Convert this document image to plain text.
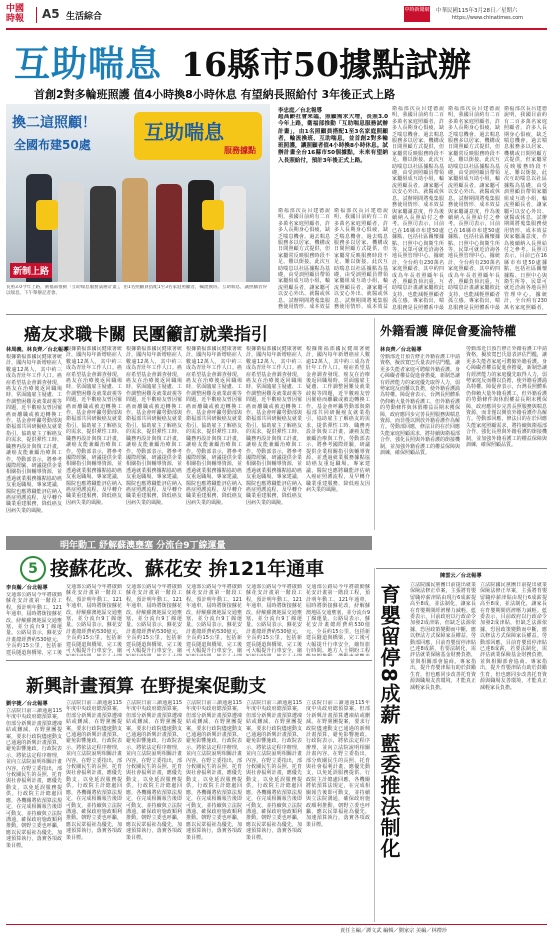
中國
時報	A5 生活綜合
中時新聞網 中華民國115年3月28日／星期六
https://www.chinatimes.com
互助喘息 16縣市50據點試辦
首創2對多輪班照護 值4小時換8小時休息 有望納長照給付 3年後正式上路
換二這照顧！
全國布建50處
互助喘息
服務據點
新制上路
長照3.0今年上路，衛福部推動「互助喘息服務試辦計畫」，由1名照顧員搭配1至3名家庭照顧者，輪流換班、互助喘息，讓照顧者得以喘息。下午舉辦記者會。
李忠庭／台北報導
超高齡社會來臨，照顧需求大增，長照3.0今年上路，衛福部推動「互助喘息服務試辦計畫」，由1名照顧員搭配1至3名家庭照顧者，輪流換班、互助喘息，並首創2對多輪班照護，讓照顧者值4小時換8小時休息。試辦計畫全台16縣市50個據點，未來有望納入長照給付，預計3年後正式上路。
衛福部次長呂建德說明，我國目前約有二百多萬名家庭照顧者，許多人長期身心俱疲，缺乏喘息機會。過去喘息服務多以居家、機構或日間照顧方式提供，但家屬常反映服務時段不足、難以銜接。此次互助喘息以社區據點為基礎，由受訓照顧員帶領家屬組成互助小組，輪流照顧長者，讓家屬可以安心外出、就醫或休息。試辦期間將蒐集服務使用情形、成本效益
衛福部次長呂建德說明，我國目前約有二百多萬名家庭照顧者，許多人長期身心俱疲，缺乏喘息機會。過去喘息服務多以居家、機構或日間照顧方式提供，但家屬常反映服務時段不足、難以銜接。此次互助喘息以社區據點為基礎，由受訓照顧員帶領家屬組成互助小組，輪流照顧長者，讓家屬可以安心外出、就醫或休息。試辦期間將蒐集服務使用情形、成本效益
衛福部次長呂建德說明，我國目前約有二百多萬名家庭照顧者，許多人長期身心俱疲，缺乏喘息機會。過去喘息服務多以居家、機構或日間照顧方式提供，但家屬常反映服務時段不足、難以銜接。此次互助喘息以社區據點為基礎，由受訓照顧員帶領家屬組成互助小組，輪流照顧長者，讓家屬可以安心外出、就醫或休息。試辦期間將蒐集服務使用情形、成本效益與家屬滿意度，作為後續納入長照給付之參考。長照司表示，目前已在16縣市布建50處據點，包括社區關懷據點、日照中心與衛生所等，民眾可就近洽詢各地長照管理中心。據統計，全台約有230萬名家庭照顧者，其中約四成為年長者照顧年長者，照顧負荷沉重。互助喘息計畫讓家屬彼此支持，也能減輕照顧者孤立感。專家指出，喘息服務是長照體系中最
衛福部次長呂建德說明，我國目前約有二百多萬名家庭照顧者，許多人長期身心俱疲，缺乏喘息機會。過去喘息服務多以居家、機構或日間照顧方式提供，但家屬常反映服務時段不足、難以銜接。此次互助喘息以社區據點為基礎，由受訓照顧員帶領家屬組成互助小組，輪流照顧長者，讓家屬可以安心外出、就醫或休息。試辦期間將蒐集服務使用情形、成本效益與家屬滿意度，作為後續納入長照給付之參考。長照司表示，目前已在16縣市布建50處據點，包括社區關懷據點、日照中心與衛生所等，民眾可就近洽詢各地長照管理中心。據統計，全台約有230萬名家庭照顧者，其中約四成為年長者照顧年長者，照顧負荷沉重。互助喘息計畫讓家屬彼此支持，也能減輕照顧者孤立感。專家指出，喘息服務是長照體系中最
衛福部次長呂建德說明，我國目前約有二百多萬名家庭照顧者，許多人長期身心俱疲，缺乏喘息機會。過去喘息服務多以居家、機構或日間照顧方式提供，但家屬常反映服務時段不足、難以銜接。此次互助喘息以社區據點為基礎，由受訓照顧員帶領家屬組成互助小組，輪流照顧長者，讓家屬可以安心外出、就醫或休息。試辦期間將蒐集服務使用情形、成本效益與家屬滿意度，作為後續納入長照給付之參考。長照司表示，目前已在16縣市布建50處據點，包括社區關懷據點、日照中心與衛生所等，民眾可就近洽詢各地長照管理中心。據統計，全台約有230萬名家庭照顧者，
癌友求職卡關 民團籲訂就業指引
林周義、林良齊／台北報導
根據衛福部國民健康署統計，國內每年新增癌症人數逾12萬人，其中約三成為青壯年工作人口。癌症希望基金會調查發現，癌友在治療後返回職場時，常面臨雇主疑慮、工作調整困難及就業歧視等問題，近半數癌友曾因罹癌而離職或被迫轉換工作。基金會呼籲勞動部與衛福部共同研擬癌友就業指引，協助雇主了解癌友的需求，提供彈性工時、職務再設計與復工計畫，讓癌友能兼顧治療與工作。勞動部表示，將參考國際經驗，研議提供企業相關指引與輔導資源，並透過就業服務據點協助癌友重返職場。專家建議，醫院也應將職能評估納入癌症照護流程，及早轉介職業重建服務，降低癌友因病失業的風險。
根據衛福部國民健康署統計，國內每年新增癌症人數逾12萬人，其中約三成為青壯年工作人口。癌症希望基金會調查發現，癌友在治療後返回職場時，常面臨雇主疑慮、工作調整困難及就業歧視等問題，近半數癌友曾因罹癌而離職或被迫轉換工作。基金會呼籲勞動部與衛福部共同研擬癌友就業指引，協助雇主了解癌友的需求，提供彈性工時、職務再設計與復工計畫，讓癌友能兼顧治療與工作。勞動部表示，將參考國際經驗，研議提供企業相關指引與輔導資源，並透過就業服務據點協助癌友重返職場。專家建議，醫院也應將職能評估納入癌症照護流程，及早轉介職業重建服務，降低癌友因病失業的風險。
根據衛福部國民健康署統計，國內每年新增癌症人數逾12萬人，其中約三成為青壯年工作人口。癌症希望基金會調查發現，癌友在治療後返回職場時，常面臨雇主疑慮、工作調整困難及就業歧視等問題，近半數癌友曾因罹癌而離職或被迫轉換工作。基金會呼籲勞動部與衛福部共同研擬癌友就業指引，協助雇主了解癌友的需求，提供彈性工時、職務再設計與復工計畫，讓癌友能兼顧治療與工作。勞動部表示，將參考國際經驗，研議提供企業相關指引與輔導資源，並透過就業服務據點協助癌友重返職場。專家建議，醫院也應將職能評估納入癌症照護流程，及早轉介職業重建服務，降低癌友因病失業的風險。
根據衛福部國民健康署統計，國內每年新增癌症人數逾12萬人，其中約三成為青壯年工作人口。癌症希望基金會調查發現，癌友在治療後返回職場時，常面臨雇主疑慮、工作調整困難及就業歧視等問題，近半數癌友曾因罹癌而離職或被迫轉換工作。基金會呼籲勞動部與衛福部共同研擬癌友就業指引，協助雇主了解癌友的需求，提供彈性工時、職務再設計與復工計畫，讓癌友能兼顧治療與工作。勞動部表示，將參考國際經驗，研議提供企業相關指引與輔導資源，並透過就業服務據點協助癌友重返職場。專家建議，醫院也應將職能評估納入癌症照護流程，及早轉介職業重建服務，降低癌友因病失業的風險。
根據衛福部國民健康署統計，國內每年新增癌症人數逾12萬人，其中約三成為青壯年工作人口。癌症希望基金會調查發現，癌友在治療後返回職場時，常面臨雇主疑慮、工作調整困難及就業歧視等問題，近半數癌友曾因罹癌而離職或被迫轉換工作。基金會呼籲勞動部與衛福部共同研擬癌友就業指引，協助雇主了解癌友的需求，提供彈性工時、職務再設計與復工計畫，讓癌友能兼顧治療與工作。勞動部表示，將參考國際經驗，研議提供企業相關指引與輔導資源，並透過就業服務據點協助癌友重返職場。專家建議，醫院也應將職能評估納入癌症照護流程，及早轉介職業重建服務，降低癌友因病失業的風險。
根據衛福部國民健康署統計，國內每年新增癌症人數逾12萬人，其中約三成為青壯年工作人口。癌症希望基金會調查發現，癌友在治療後返回職場時，常面臨雇主疑慮、工作調整困難及就業歧視等問題，近半數癌友曾因罹癌而離職或被迫轉換工作。基金會呼籲勞動部與衛福部共同研擬癌友就業指引，協助雇主了解癌友的需求，提供彈性工時、職務再設計與復工計畫，讓癌友能兼顧治療與工作。勞動部表示，將參考國際經驗，研議提供企業相關指引與輔導資源，並透過就業服務據點協助癌友重返職場。專家建議，醫院也應將職能評估納入癌症照護流程，及早轉介職業重建服務，降低癌友因病失業的風險。
外籍看護 障促會憂淪特權
林良齊／台北報導
勞動部近日預告修正外籍看護工申請資格，擬放寬巴氏量表評估門檻，讓更多失能者家庭可聘僱外籍看護。身心障礙者權益促進會擔憂，新制恐讓有經濟能力的家庭優先取得人力，弱勢家庭反而難以負擔，使外籍看護淪為特權。障促會表示，台灣長照體系仍仰賴大量外籍看護工，但外籍看護的勞動條件與休假權益長期未獲保障，政府應同步完善長照服務與喘息資源，而非僅以開放外籍看護作為解方。勞動部回應，修法目的在於回應失能家庭照顧需求，將持續與衛福部合作，強化長照與外籍看護的銜接機制，並加強外籍看護工的權益保障與訓練，確保照顧品質。
勞動部近日預告修正外籍看護工申請資格，擬放寬巴氏量表評估門檻，讓更多失能者家庭可聘僱外籍看護。身心障礙者權益促進會擔憂，新制恐讓有經濟能力的家庭優先取得人力，弱勢家庭反而難以負擔，使外籍看護淪為特權。障促會表示，台灣長照體系仍仰賴大量外籍看護工，但外籍看護的勞動條件與休假權益長期未獲保障，政府應同步完善長照服務與喘息資源，而非僅以開放外籍看護作為解方。勞動部回應，修法目的在於回應失能家庭照顧需求，將持續與衛福部合作，強化長照與外籍看護的銜接機制，並加強外籍看護工的權益保障與訓練，確保照顧品質。
明年動工 紓解蘇澳壅塞 分流台9丁線運量
5 接蘇花改、蘇花安 拚121年通車
李良瀚／台北報導
交通部公路局今年將啟動蘇花安計畫第一階段工程，預計明年動工、121年通車，屆時將銜接蘇花改，紓解蘇澳地區交通壅塞，並分流台9丁線運量。公路局表示，蘇花安計畫總經費約530億元，全長約15公里，包括新建長隧道與橋梁，完工後
交通部公路局今年將啟動蘇花安計畫第一階段工程，預計明年動工、121年通車，屆時將銜接蘇花改，紓解蘇澳地區交通壅塞，並分流台9丁線運量。公路局表示，蘇花安計畫總經費約530億元，全長約15公里，包括新建長隧道與橋梁，完工後可大幅提升行車安全，縮
交通部公路局今年將啟動蘇花安計畫第一階段工程，預計明年動工、121年通車，屆時將銜接蘇花改，紓解蘇澳地區交通壅塞，並分流台9丁線運量。公路局表示，蘇花安計畫總經費約530億元，全長約15公里，包括新建長隧道與橋梁，完工後可大幅提升行車安全，縮
交通部公路局今年將啟動蘇花安計畫第一階段工程，預計明年動工、121年通車，屆時將銜接蘇花改，紓解蘇澳地區交通壅塞，並分流台9丁線運量。公路局表示，蘇花安計畫總經費約530億元，全長約15公里，包括新建長隧道與橋梁，完工後可大幅提升行車安全，縮
交通部公路局今年將啟動蘇花安計畫第一階段工程，預計明年動工、121年通車，屆時將銜接蘇花改，紓解蘇澳地區交通壅塞，並分流台9丁線運量。公路局表示，蘇花安計畫總經費約530億元，全長約15公里，包括新建長隧道與橋梁，完工後可大幅提升行車安全，縮
交通部公路局今年將啟動蘇花安計畫第一階段工程，預計明年動工、121年通車，屆時將銜接蘇花改，紓解蘇澳地區交通壅塞，並分流台9丁線運量。公路局表示，蘇花安計畫總經費約530億元，全長約15公里，包括新建長隧道與橋梁，完工後可大幅提升行車安全，縮短旅行時間。地方人士期盼工程
新興計畫預算 在野提案促動支
劉宇捷／台北報導
立法院日前三讀通過115年度中央政府總預算案，但部分新興計畫預算遭凍結或刪減。在野黨團提案，要求行政院儘速動支已通過的新興計畫預算，避免影響施政。行政院表示，將依法定程序辦理，並向立法院說明相關計畫內容。在野立委指出，部分攸關民生的長照、托育與社會福利計畫，應優先動支，以免延誤服務提供。行政院主計總處回應，各機關將依預算法規定，在完成相關報告後即可動支，並持續與立法院溝通，確保政府施政順利推動。朝野立委也呼籲，應以民眾福祉為優先，加速預算執行，落實各項政策目標。
立法院日前三讀通過115年度中央政府總預算案，但部分新興計畫預算遭凍結或刪減。在野黨團提案，要求行政院儘速動支已通過的新興計畫預算，避免影響施政。行政院表示，將依法定程序辦理，並向立法院說明相關計畫內容。在野立委指出，部分攸關民生的長照、托育與社會福利計畫，應優先動支，以免延誤服務提供。行政院主計總處回應，各機關將依預算法規定，在完成相關報告後即可動支，並持續與立法院溝通，確保政府施政順利推動。朝野立委也呼籲，應以民眾福祉為優先，加速預算執行，落實各項政策目標。
立法院日前三讀通過115年度中央政府總預算案，但部分新興計畫預算遭凍結或刪減。在野黨團提案，要求行政院儘速動支已通過的新興計畫預算，避免影響施政。行政院表示，將依法定程序辦理，並向立法院說明相關計畫內容。在野立委指出，部分攸關民生的長照、托育與社會福利計畫，應優先動支，以免延誤服務提供。行政院主計總處回應，各機關將依預算法規定，在完成相關報告後即可動支，並持續與立法院溝通，確保政府施政順利推動。朝野立委也呼籲，應以民眾福祉為優先，加速預算執行，落實各項政策目標。
立法院日前三讀通過115年度中央政府總預算案，但部分新興計畫預算遭凍結或刪減。在野黨團提案，要求行政院儘速動支已通過的新興計畫預算，避免影響施政。行政院表示，將依法定程序辦理，並向立法院說明相關計畫內容。在野立委指出，部分攸關民生的長照、托育與社會福利計畫，應優先動支，以免延誤服務提供。行政院主計總處回應，各機關將依預算法規定，在完成相關報告後即可動支，並持續與立法院溝通，確保政府施政順利推動。朝野立委也呼籲，應以民眾福祉為優先，加速預算執行，落實各項政策目標。
立法院日前三讀通過115年度中央政府總預算案，但部分新興計畫預算遭凍結或刪減。在野黨團提案，要求行政院儘速動支已通過的新興計畫預算，避免影響施政。行政院表示，將依法定程序辦理，並向立法院說明相關計畫內容。在野立委指出，部分攸關民生的長照、托育與社會福利計畫，應優先動支，以免延誤服務提供。行政院主計總處回應，各機關將依預算法規定，在完成相關報告後即可動支，並持續與立法院溝通，確保政府施政順利推動。朝野立委也呼籲，應以民眾福祉為優先，加速預算執行，落實各項政策目標。
立法院日前三讀通過115年度中央政府總預算案，但部分新興計畫預算遭凍結或刪減。在野黨團提案，要求行政院儘速動支已通過的新興計畫預算，避免影響施政。行政院表示，將依法定程序辦理，並向立法院說明相關計畫內容。在野立委指出，部分攸關民生的長照、托育與社會福利計畫，應優先動支，以免延誤服務提供。行政院主計總處回應，各機關將依預算法規定，在完成相關報告後即可動支，並持續與立法院溝通，確保政府施政順利推動。朝野立委也呼籲，應以民眾福祉為優先，加速預算執行，落實各項政策目標。
陳雲云／台北報導
育嬰留停8成薪 藍委推法制化	立法院國民黨團日前提出就業保險法修正草案，主張將育嬰留職停薪津貼由現行6成薪提高至8成，並法制化，讓家長在育嬰期間經濟壓力減輕。藍委表示，目前政府以行政命令加發2成津貼，但缺乏法源依據，恐因政策變動而中斷，應以修法方式保障家長權益。勞動部回應，目前育嬰留停津貼已達8成薪，若要法制化，需評估就業保險基金財務負擔，並與相關部會協商。專家指出，提升育嬰津貼有助於鼓勵生育，但也應同步改善托育資源與職場友善環境，才能真正減輕家長負擔。
立法院國民黨團日前提出就業保險法修正草案，主張將育嬰留職停薪津貼由現行6成薪提高至8成，並法制化，讓家長在育嬰期間經濟壓力減輕。藍委表示，目前政府以行政命令加發2成津貼，但缺乏法源依據，恐因政策變動而中斷，應以修法方式保障家長權益。勞動部回應，目前育嬰留停津貼已達8成薪，若要法制化，需評估就業保險基金財務負擔，並與相關部會協商。專家指出，提升育嬰津貼有助於鼓勵生育，但也應同步改善托育資源與職場友善環境，才能真正減輕家長負擔。
責任主編／譚文武 編輯／劉家宗 美編／林禮珍
